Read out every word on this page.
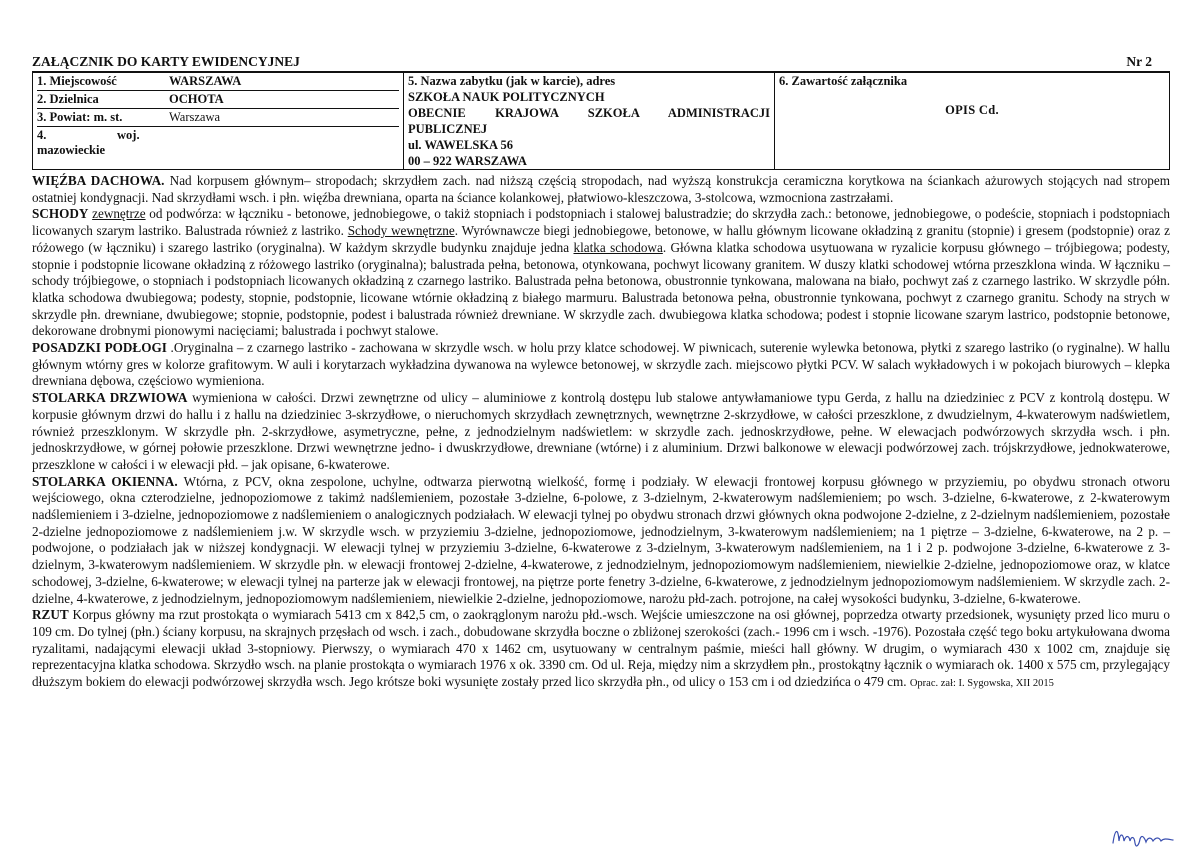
ZAŁĄCZNIK DO KARTY EWIDENCYJNEJ	Nr 2
1. Miejscowość	WARSZAWA
2. Dzielnica	OCHOTA
3. Powiat: m. st.	Warszawa
4.	woj.
mazowieckie

5. Nazwa zabytku (jak w karcie), adres
SZKOŁA NAUK POLITYCZNYCH
OBECNIE KRAJOWA SZKOŁA ADMINISTRACJI
PUBLICZNEJ
ul. WAWELSKA 56
00 – 922 WARSZAWA

6. Zawartość załącznika
OPIS Cd.

WIĘŹBA DACHOWA. Nad korpusem głównym– stropodach; skrzydłem zach. nad niższą częścią stropodach, nad wyższą konstrukcja ceramiczna korytkowa na ściankach ażurowych stojących nad stropem ostatniej kondygnacji. Nad skrzydłami wsch. i płn. więźba drewniana, oparta na ściance kolankowej, płatwiowo-kleszczowa, 3-stolcowa, wzmocniona zastrzałami.

SCHODY zewnętrze od podwórza: w łączniku - betonowe, jednobiegowe, o takiż stopniach i podstopniach i stalowej balustradzie; do skrzydła zach.: betonowe, jednobiegowe, o podeście, stopniach i podstopniach licowanych szarym lastriko. Balustrada również z lastriko. Schody wewnętrzne. Wyrównawcze biegi jednobiegowe, betonowe, w hallu głównym licowane okładziną z granitu (stopnie) i gresem (podstopnie) oraz z różowego (w łączniku) i szarego lastriko (oryginalna). W każdym skrzydle budynku znajduje jedna klatka schodowa. Główna klatka schodowa usytuowana w ryzalicie korpusu głównego – trójbiegowa; podesty, stopnie i podstopnie licowane okładziną z różowego lastriko (oryginalna); balustrada pełna, betonowa, otynkowana, pochwyt licowany granitem. W duszy klatki schodowej wtórna przeszklona winda. W łączniku – schody trójbiegowe, o stopniach i podstopniach licowanych okładziną z czarnego lastriko. Balustrada pełna betonowa, obustronnie tynkowana, malowana na biało, pochwyt zaś z czarnego lastriko. W skrzydle półn. klatka schodowa dwubiegowa; podesty, stopnie, podstopnie, licowane wtórnie okładziną z białego marmuru. Balustrada betonowa pełna, obustronnie tynkowana, pochwyt z czarnego granitu. Schody na strych w skrzydle płn. drewniane, dwubiegowe; stopnie, podstopnie, podest i balustrada również drewniane. W skrzydle zach. dwubiegowa klatka schodowa; podest i stopnie licowane szarym lastrico, podstopnie betonowe, dekorowane drobnymi pionowymi nacięciami; balustrada i pochwyt stalowe.

POSADZKI PODŁOGI .Oryginalna – z czarnego lastriko - zachowana w skrzydle wsch. w holu przy klatce schodowej. W piwnicach, suterenie wylewka betonowa, płytki z szarego lastriko (o ryginalne). W hallu głównym wtórny gres w kolorze grafitowym. W auli i korytarzach wykładzina dywanowa na wylewce betonowej, w skrzydle zach. miejscowo płytki PCV. W salach wykładowych i w pokojach biurowych – klepka drewniana dębowa, częściowo wymieniona.

STOLARKA DRZWIOWA wymieniona w całości. Drzwi zewnętrzne od ulicy – aluminiowe z kontrolą dostępu lub stalowe antywłamaniowe typu Gerda, z hallu na dziedziniec z PCV z kontrolą dostępu. W korpusie głównym drzwi do hallu i z hallu na dziedziniec 3-skrzydłowe, o nieruchomych skrzydłach zewnętrznych, wewnętrzne 2-skrzydłowe, w całości przeszklone, z dwudzielnym, 4-kwaterowym nadświetlem, również przeszklonym. W skrzydle płn. 2-skrzydłowe, asymetryczne, pełne, z jednodzielnym nadświetlem: w skrzydle zach. jednoskrzydłowe, pełne. W elewacjach podwórzowych skrzydła wsch. i płn. jednoskrzydłowe, w górnej połowie przeszklone. Drzwi wewnętrzne jedno- i dwuskrzydłowe, drewniane (wtórne) i z aluminium. Drzwi balkonowe w elewacji podwórzowej zach. trójskrzydłowe, jednokwaterowe, przeszklone w całości i w elewacji płd. – jak opisane, 6-kwaterowe.

STOLARKA OKIENNA. Wtórna, z PCV, okna zespolone, uchylne, odtwarza pierwotną wielkość, formę i podziały. W elewacji frontowej korpusu głównego w przyziemiu, po obydwu stronach otworu wejściowego, okna czterodzielne, jednopoziomowe z takimż nadślemieniem, pozostałe 3-dzielne, 6-polowe, z 3-dzielnym, 2-kwaterowym nadślemieniem; po wsch. 3-dzielne, 6-kwaterowe, z 2-kwaterowym nadślemieniem i 3-dzielne, jednopoziomowe z nadślemieniem o analogicznych podziałach. W elewacji tylnej po obydwu stronach drzwi głównych okna podwojone 2-dzielne, z 2-dzielnym nadślemieniem, pozostałe 2-dzielne jednopoziomowe z nadślemieniem j.w. W skrzydle wsch. w przyziemiu 3-dzielne, jednopoziomowe, jednodzielnym, 3-kwaterowym nadślemieniem; na 1 piętrze – 3-dzielne, 6-kwaterowe, na 2 p. – podwojone, o podziałach jak w niższej kondygnacji. W elewacji tylnej w przyziemiu 3-dzielne, 6-kwaterowe z 3-dzielnym, 3-kwaterowym nadślemieniem, na 1 i 2 p. podwojone 3-dzielne, 6-kwaterowe z 3-dzielnym, 3-kwaterowym nadślemieniem. W skrzydle płn. w elewacji frontowej 2-dzielne, 4-kwaterowe, z jednodzielnym, jednopoziomowym nadślemieniem, niewielkie 2-dzielne, jednopoziomowe oraz, w klatce schodowej, 3-dzielne, 6-kwaterowe; w elewacji tylnej na parterze jak w elewacji frontowej, na piętrze porte fenetry 3-dzielne, 6-kwaterowe, z jednodzielnym jednopoziomowym nadślemieniem. W skrzydle zach. 2-dzielne, 4-kwaterowe, z jednodzielnym, jednopoziomowym nadślemieniem, niewielkie 2-dzielne, jednopoziomowe, narożu płd-zach. potrojone, na całej wysokości budynku, 3-dzielne, 6-kwaterowe.

RZUT Korpus główny ma rzut prostokąta o wymiarach 5413 cm x 842,5 cm, o zaokrąglonym narożu płd.-wsch. Wejście umieszczone na osi głównej, poprzedza otwarty przedsionek, wysunięty przed lico muru o 109 cm. Do tylnej (płn.) ściany korpusu, na skrajnych przęsłach od wsch. i zach., dobudowane skrzydła boczne o zbliżonej szerokości (zach.- 1996 cm i wsch. -1976). Pozostała część tego boku artykułowana dwoma ryzalitami, nadającymi elewacji układ 3-stopniowy. Pierwszy, o wymiarach 470 x 1462 cm, usytuowany w centralnym paśmie, mieści hall główny. W drugim, o wymiarach 430 x 1002 cm, znajduje się reprezentacyjna klatka schodowa. Skrzydło wsch. na planie prostokąta o wymiarach 1976 x ok. 3390 cm. Od ul. Reja, między nim a skrzydłem płn., prostokątny łącznik o wymiarach ok. 1400 x 575 cm, przylegający dłuższym bokiem do elewacji podwórzowej skrzydła wsch. Jego krótsze boki wysunięte zostały przed lico skrzydła płn., od ulicy o 153 cm i od dziedzińca o 479 cm. Oprac. zał: I. Sygowska, XII 2015
